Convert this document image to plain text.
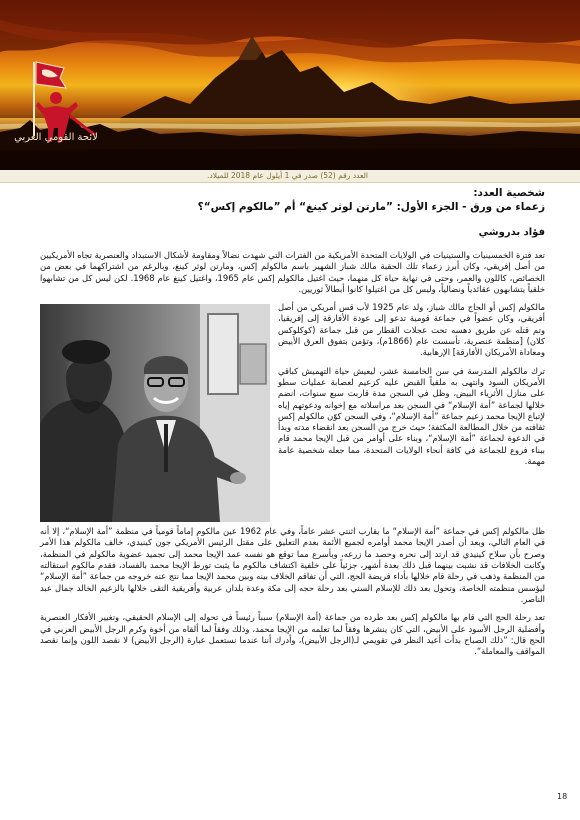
لائحة القومي العربي
العدد رقم (52) صدر في 1 أيلول عام 2018 للميلاد.
شخصية العدد:
زعماء من ورق - الجزء الأول: ”مارتن لوثر كينغ“ أم ”مالكوم إكس“؟
فؤاد بدروشي

تعد فترة الخمسينيات والستينيات في الولايات المتحدة الأمريكية من الفترات التي شهدت نضالاً ومقاومة لأشكال الاستبداد والعنصرية تجاه الأمريكيين من أصل إفريقي، وكان أبرز زعماء تلك الحقبة مالك شباز الشهير باسم مالكولم إكس، ومارتن لوثر كينغ، وبالرغم من اشتراكهما في بعض من الخصائص، كاللون والعمر، وحتى في نهاية حياة كل منهما، حيث اغتيل مالكولم إكس عام 1965، واغتيل كينغ عام 1968. لكن ليس كل من تشابهوا خلقياً يتشابهون عقائدياً ونضالياً، وليس كل من اغتيلوا كانوا أبطالاً ثوريين.

مالكولم إكس أو الحاج مالك شباز، ولد عام 1925 لأب قس أمريكي من أصل أفريقي، وكان عضواً في جماعة قومية تدعو إلى عودة الأفارقة إلى إفريقيا، وتم قتله عن طريق دهسه تحت عجلات القطار من قبل جماعة (كوكلوكس كلان) [منظمة عنصرية، تأسست عام (1866م)، وتؤمن بتفوق العرق الأبيض ومعاداة الأمريكان الأفارقة] الإرهابية.

ترك مالكولم المدرسة في سن الخامسة عشر، ليعيش حياة التهميش كباقي الأمريكان السود وانتهى به ملقياً القبض عليه كزعيم لعصابة عمليات سطو على منازل الأثرياء البيض، وظل في السجن مدة قاربت سبع سنوات، انضم خلالها لجماعة ”أمة الإسلام“ في السجن بعد مراسلاته مع إخوانه ودعوتهم إياه لإتباع الإيجا محمد زعيم جماعة ”أمة الإسلام“، وفي السجن كوّن مالكولم إكس ثقافته من خلال المطالعة المكثفة؛ حيث خرج من السجن بعد انقضاء مدته وبدأ في الدعوة لجماعة ”أمة الإسلام“، وبناء على أوامر من قبل الإيجا محمد قام ببناء فروع للجماعة في كافة أنحاء الولايات المتحدة، مما جعله شخصية عامة مهمة.

ظل مالكولم إكس في جماعة ”أمة الإسلام“ ما يقارب اثنتي عشر عاماً، وفي عام 1962 عين مالكوم إماماً قومياً في منظمة ”أمة الإسلام“، إلا أنه في العام التالي، وبعد أن أصدر الإيجا محمد أوامره لجميع الأئمة بعدم التعليق على مقتل الرئيس الأمريكي جون كينيدي، خالف مالكولم هذا الأمر وصرح بأن سلاح كينيدي قد ارتد إلى نحره وحصد ما زرعه، وبأسرع مما توقع هو نفسه عمد الإيجا محمد إلى تجميد عضوية مالكولم في المنظمة، وكانت الخلافات قد نشبت بينهما قبل ذلك بعدة أشهر، جزئياً على خلفية اكتشاف مالكوم ما يثبت تورط الإيجا محمد بالفساد، فقدم مالكوم استقالته من المنظمة وذهب في رحلة قام خلالها بأداء فريضة الحج، التي أن تفاقم الخلاف بينه وبين محمد الإيجا مما نتج عنه خروجه من جماعة ”أمة الإسلام“ ليؤسس منظمته الخاصة، وتحول بعد ذلك للإسلام السني بعد رحلة حجه إلى مكة وعدة بلدان عربية وأفريقية التقى خلالها بالزعيم الخالد جمال عبد الناصر.

تعد رحلة الحج التي قام بها مالكولم إكس بعد طرده من جماعة (أمة الإسلام) سبباً رئيساً في تحوله إلى الإسلام الحقيقي، وتغيير الأفكار العنصرية وأفضلية الرجل الأسود على الأبيض، التي كان ينشرها وفقاً لما تعلمه من الإيجا محمد، وذلك وفقاً لما ألقاه من أخوة وكرم الرجل الأبيض العربي في الحج قال: ”ذلك الصباح بدأت أعيد النظر في تقويمي لـ(الرجل الأبيض)، وأدرك أننا عندما نستعمل عبارة (الرجل الأبيض) لا نقصد اللون وإنما نقصد المواقف والمعاملة“.

18
